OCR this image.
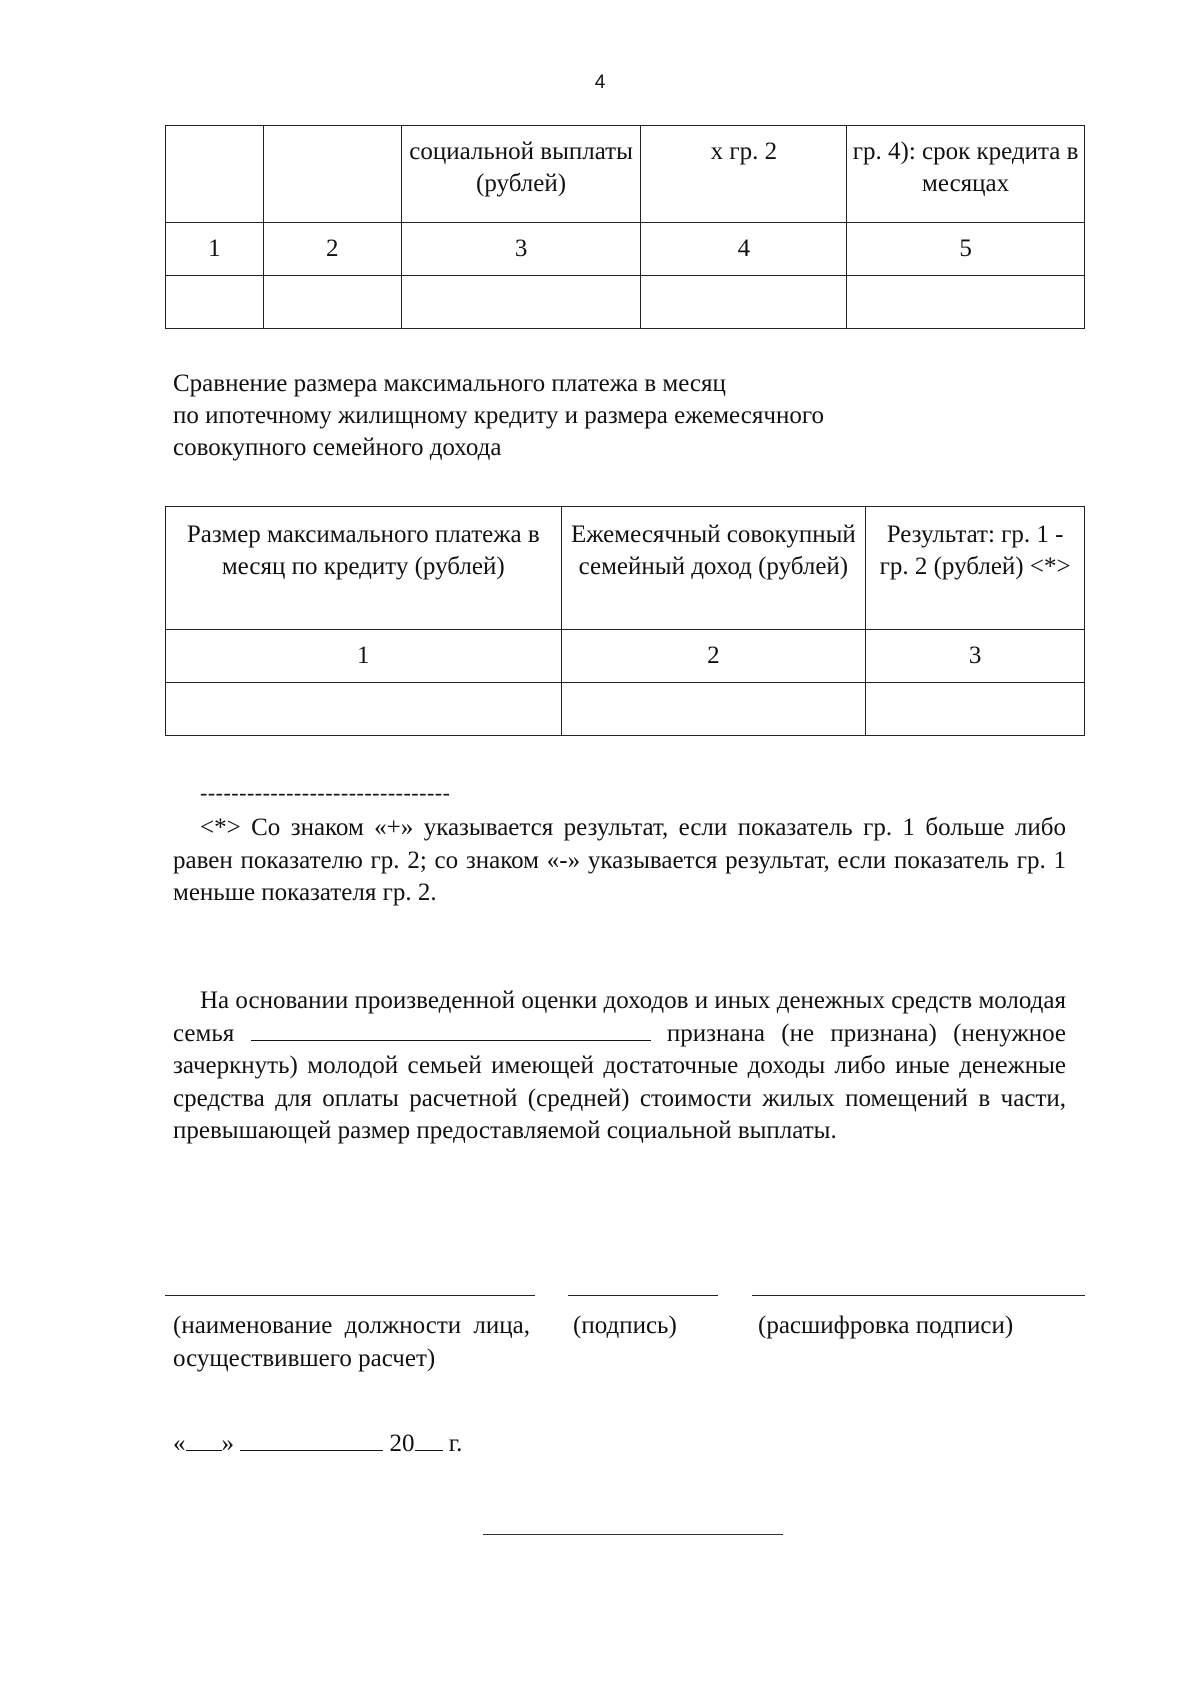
4
		социальной выплаты (рублей)	х гр. 2	гр. 4): срок кредита в месяцах
1	2	3	4	5

Сравнение размера максимального платежа в месяц
по ипотечному жилищному кредиту и размера ежемесячного
совокупного семейного дохода
Размер максимального платежа в месяц по кредиту (рублей)	Ежемесячный совокупный семейный доход (рублей)	Результат: гр. 1 - гр. 2 (рублей) <*>
1	2	3

--------------------------------
<*> Со знаком «+» указывается результат, если показатель гр. 1 больше либо равен показателю гр. 2; со знаком «-» указывается результат, если показатель гр. 1 меньше показателя гр. 2.
На основании произведенной оценки доходов и иных денежных средств молодая семья	признана (не признана) (ненужное зачеркнуть) молодой семьей имеющей достаточные доходы либо иные денежные средства для оплаты расчетной (средней) стоимости жилых помещений в части, превышающей размер предоставляемой социальной выплаты.
(наименование должности лица, осуществившего расчет)
(подпись)	(расшифровка подписи)
« »	20 г.
